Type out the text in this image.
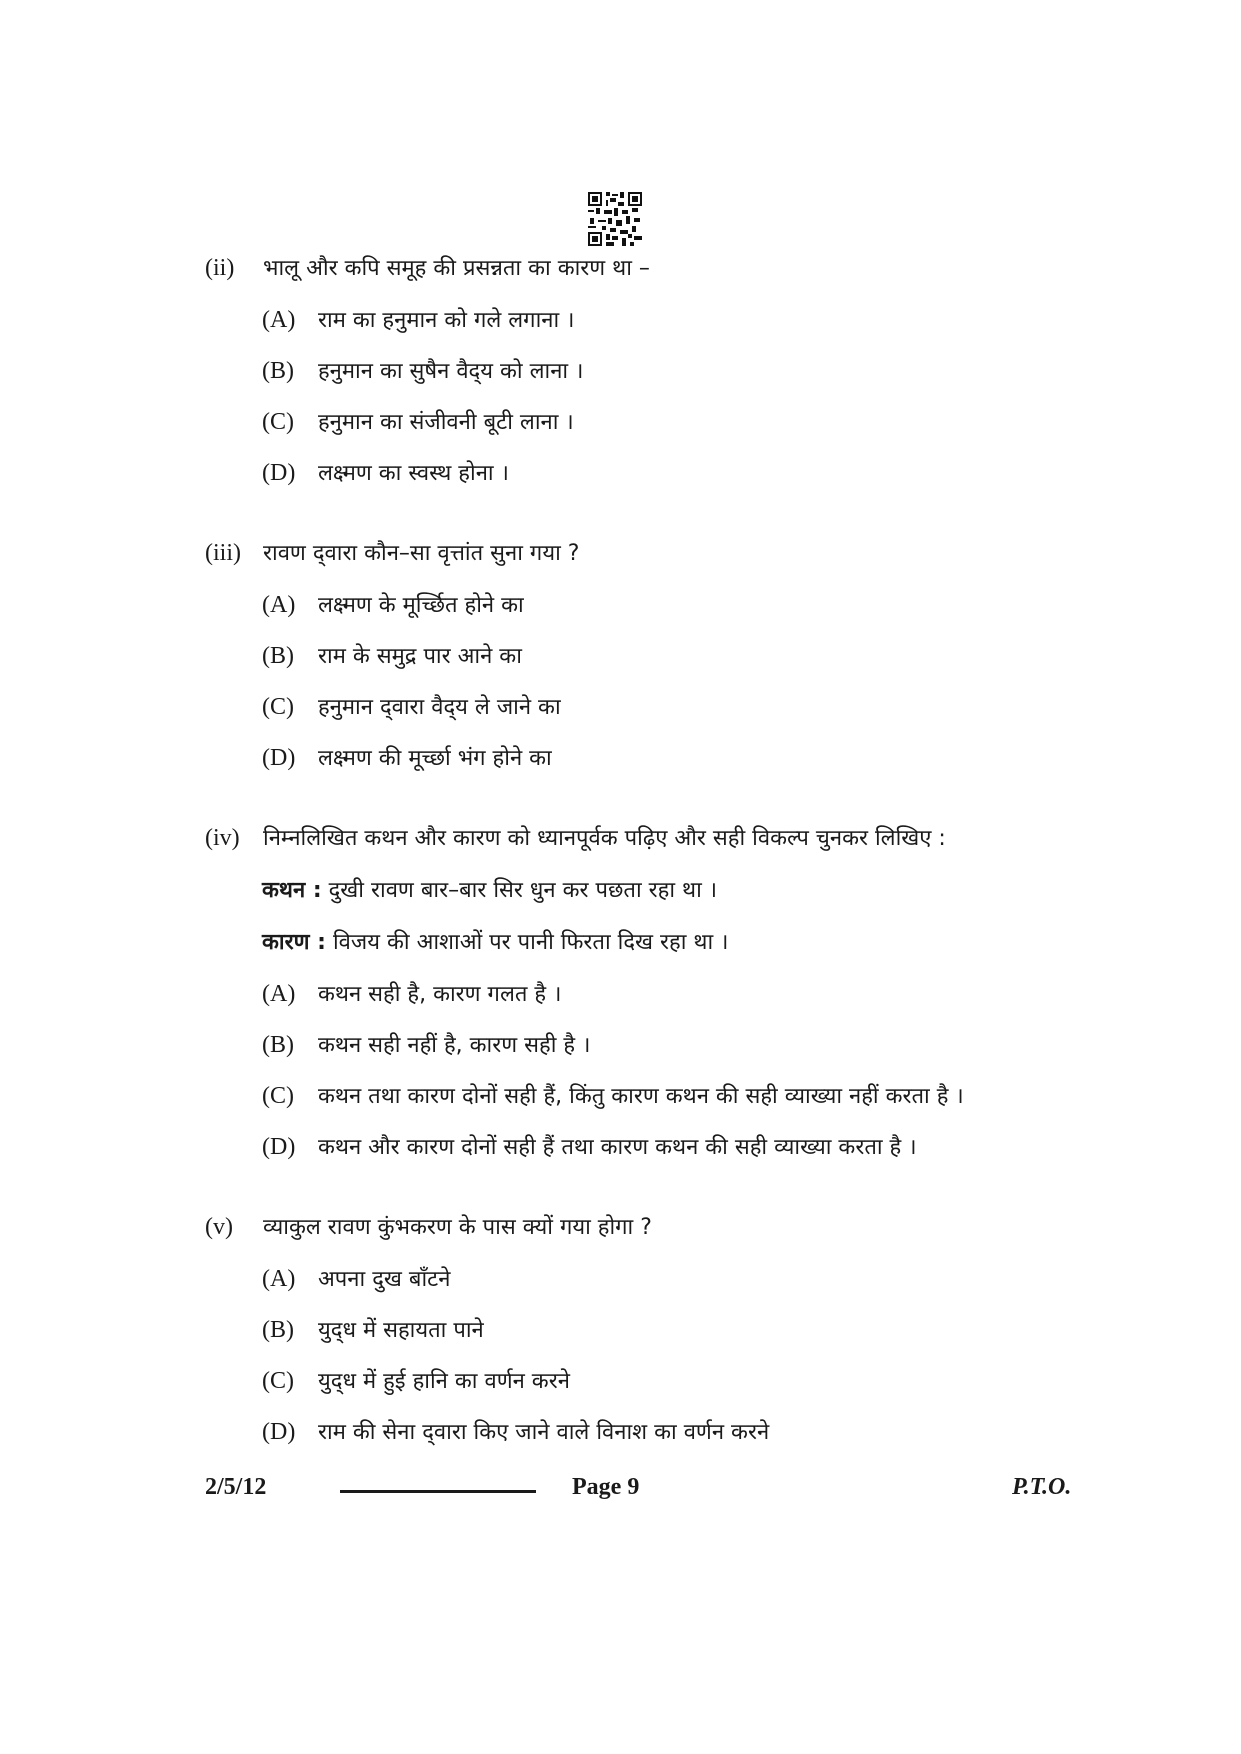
(ii) भालू और कपि समूह की प्रसन्नता का कारण था –
(A) राम का हनुमान को गले लगाना ।
(B) हनुमान का सुषैन वैद्‌य को लाना ।
(C) हनुमान का संजीवनी बूटी लाना ।
(D) लक्ष्मण का स्वस्थ होना ।
(iii) रावण द्‌वारा कौन–सा वृत्तांत सुना गया ?
(A) लक्ष्मण के मूर्च्छित होने का
(B) राम के समुद्र पार आने का
(C) हनुमान द्‌वारा वैद्‌य ले जाने का
(D) लक्ष्मण की मूर्च्छा भंग होने का
(iv) निम्नलिखित कथन और कारण को ध्यानपूर्वक पढ़िए और सही विकल्प चुनकर लिखिए :
कथन : दुखी रावण बार–बार सिर धुन कर पछता रहा था ।
कारण : विजय की आशाओं पर पानी फिरता दिख रहा था ।
(A) कथन सही है, कारण गलत है ।
(B) कथन सही नहीं है, कारण सही है ।
(C) कथन तथा कारण दोनों सही हैं, किंतु कारण कथन की सही व्याख्या नहीं करता है ।
(D) कथन और कारण दोनों सही हैं तथा कारण कथन की सही व्याख्या करता है ।
(v) व्याकुल रावण कुंभकरण के पास क्यों गया होगा ?
(A) अपना दुख बाँटने
(B) युद्‌ध में सहायता पाने
(C) युद्‌ध में हुई हानि का वर्णन करने
(D) राम की सेना द्‌वारा किए जाने वाले विनाश का वर्णन करने
2/5/12	Page 9	P.T.O.
